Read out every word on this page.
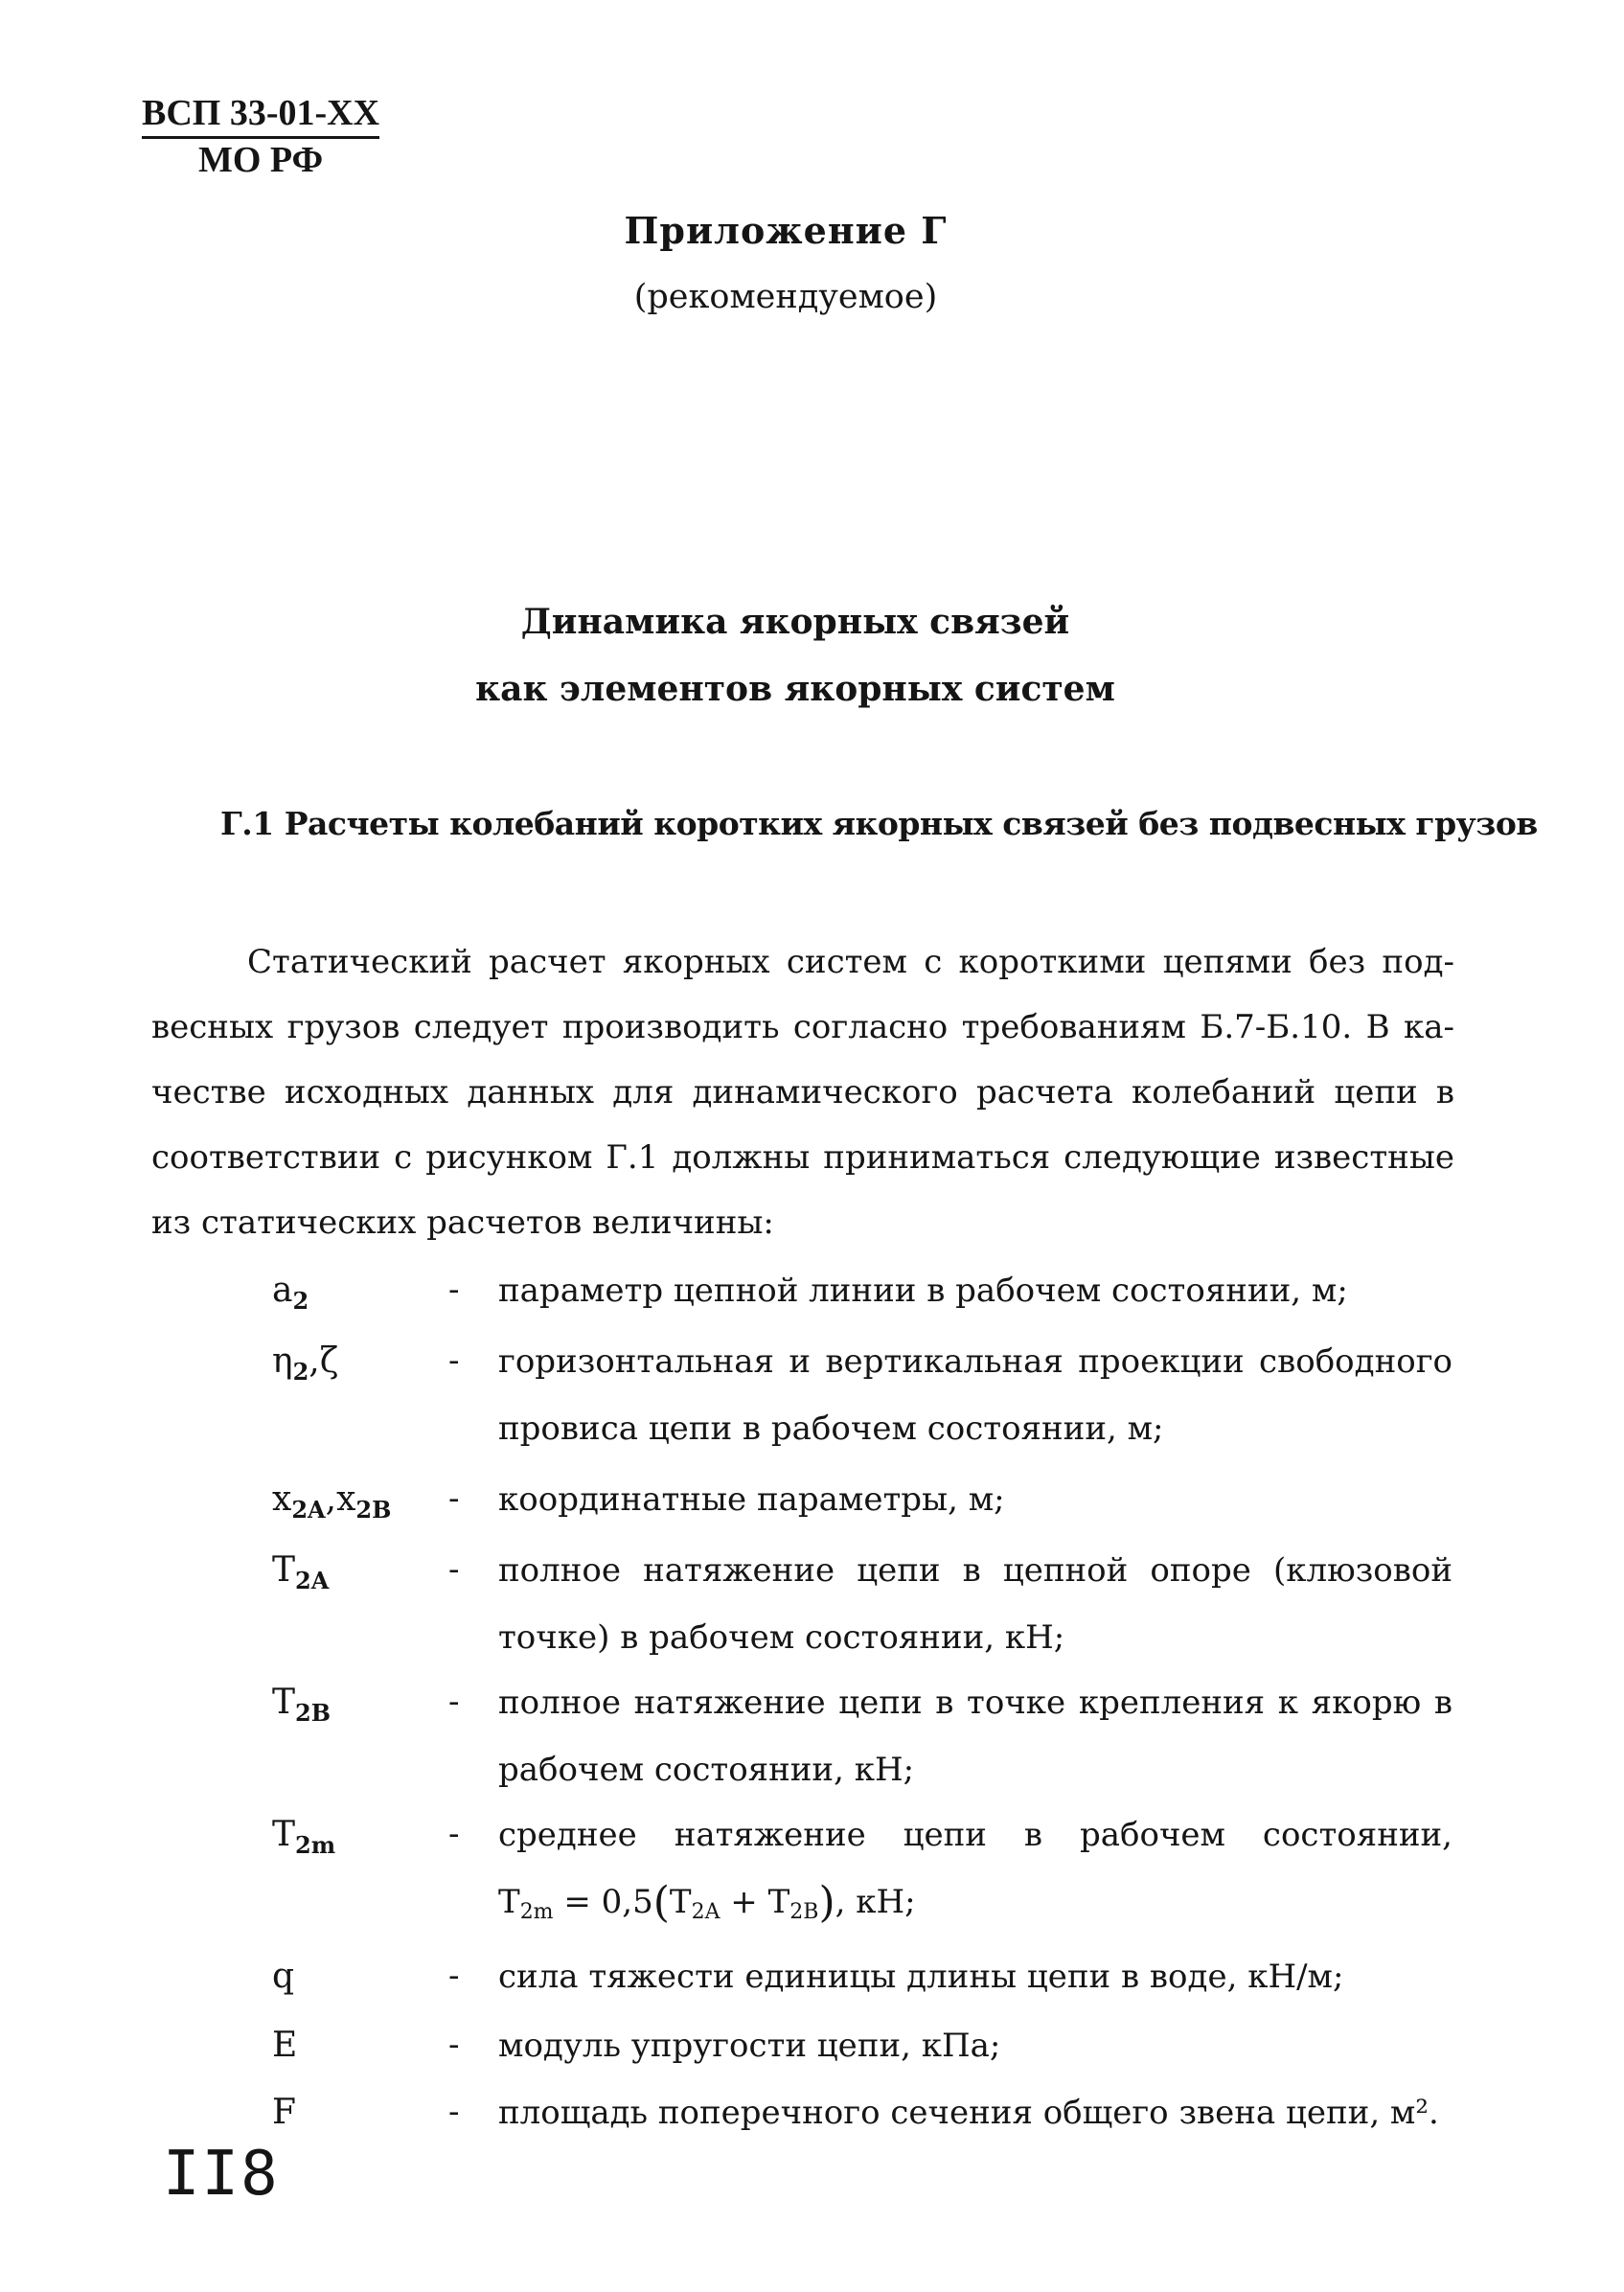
ВСП 33-01-ХХ
МО РФ
Приложение Г
(рекомендуемое)
Динамика якорных связей
как элементов якорных систем
Г.1 Расчеты колебаний коротких якорных связей без подвесных грузов
Статический расчет якорных систем с короткими цепями без под-
весных грузов следует производить согласно требованиям Б.7-Б.10. В ка-
честве исходных данных для динамического расчета колебаний цепи в
соответствии с рисунком Г.1 должны приниматься следующие известные
из статических расчетов величины:
$a_2$	- параметр цепной линии в рабочем состоянии, м;
$\eta_2,\zeta$	- горизонтальная и вертикальная проекции свободного
провиса цепи в рабочем состоянии, м;
$x_{2A},x_{2B}$ - координатные параметры, м;
$T_{2A}$	- полное натяжение цепи в цепной опоре (клюзовой
точке) в рабочем состоянии, кН;
$T_{2B}$	- полное натяжение цепи в точке крепления к якорю в
рабочем состоянии, кН;
$T_{2m}$	- среднее натяжение цепи в рабочем состоянии,
$T_{2m} = 0,5(T_{2A} + T_{2B})$, кН;
q	- сила тяжести единицы длины цепи в воде, кН/м;
E	- модуль упругости цепи, кПа;
F	- площадь поперечного сечения общего звена цепи, м².
II8
